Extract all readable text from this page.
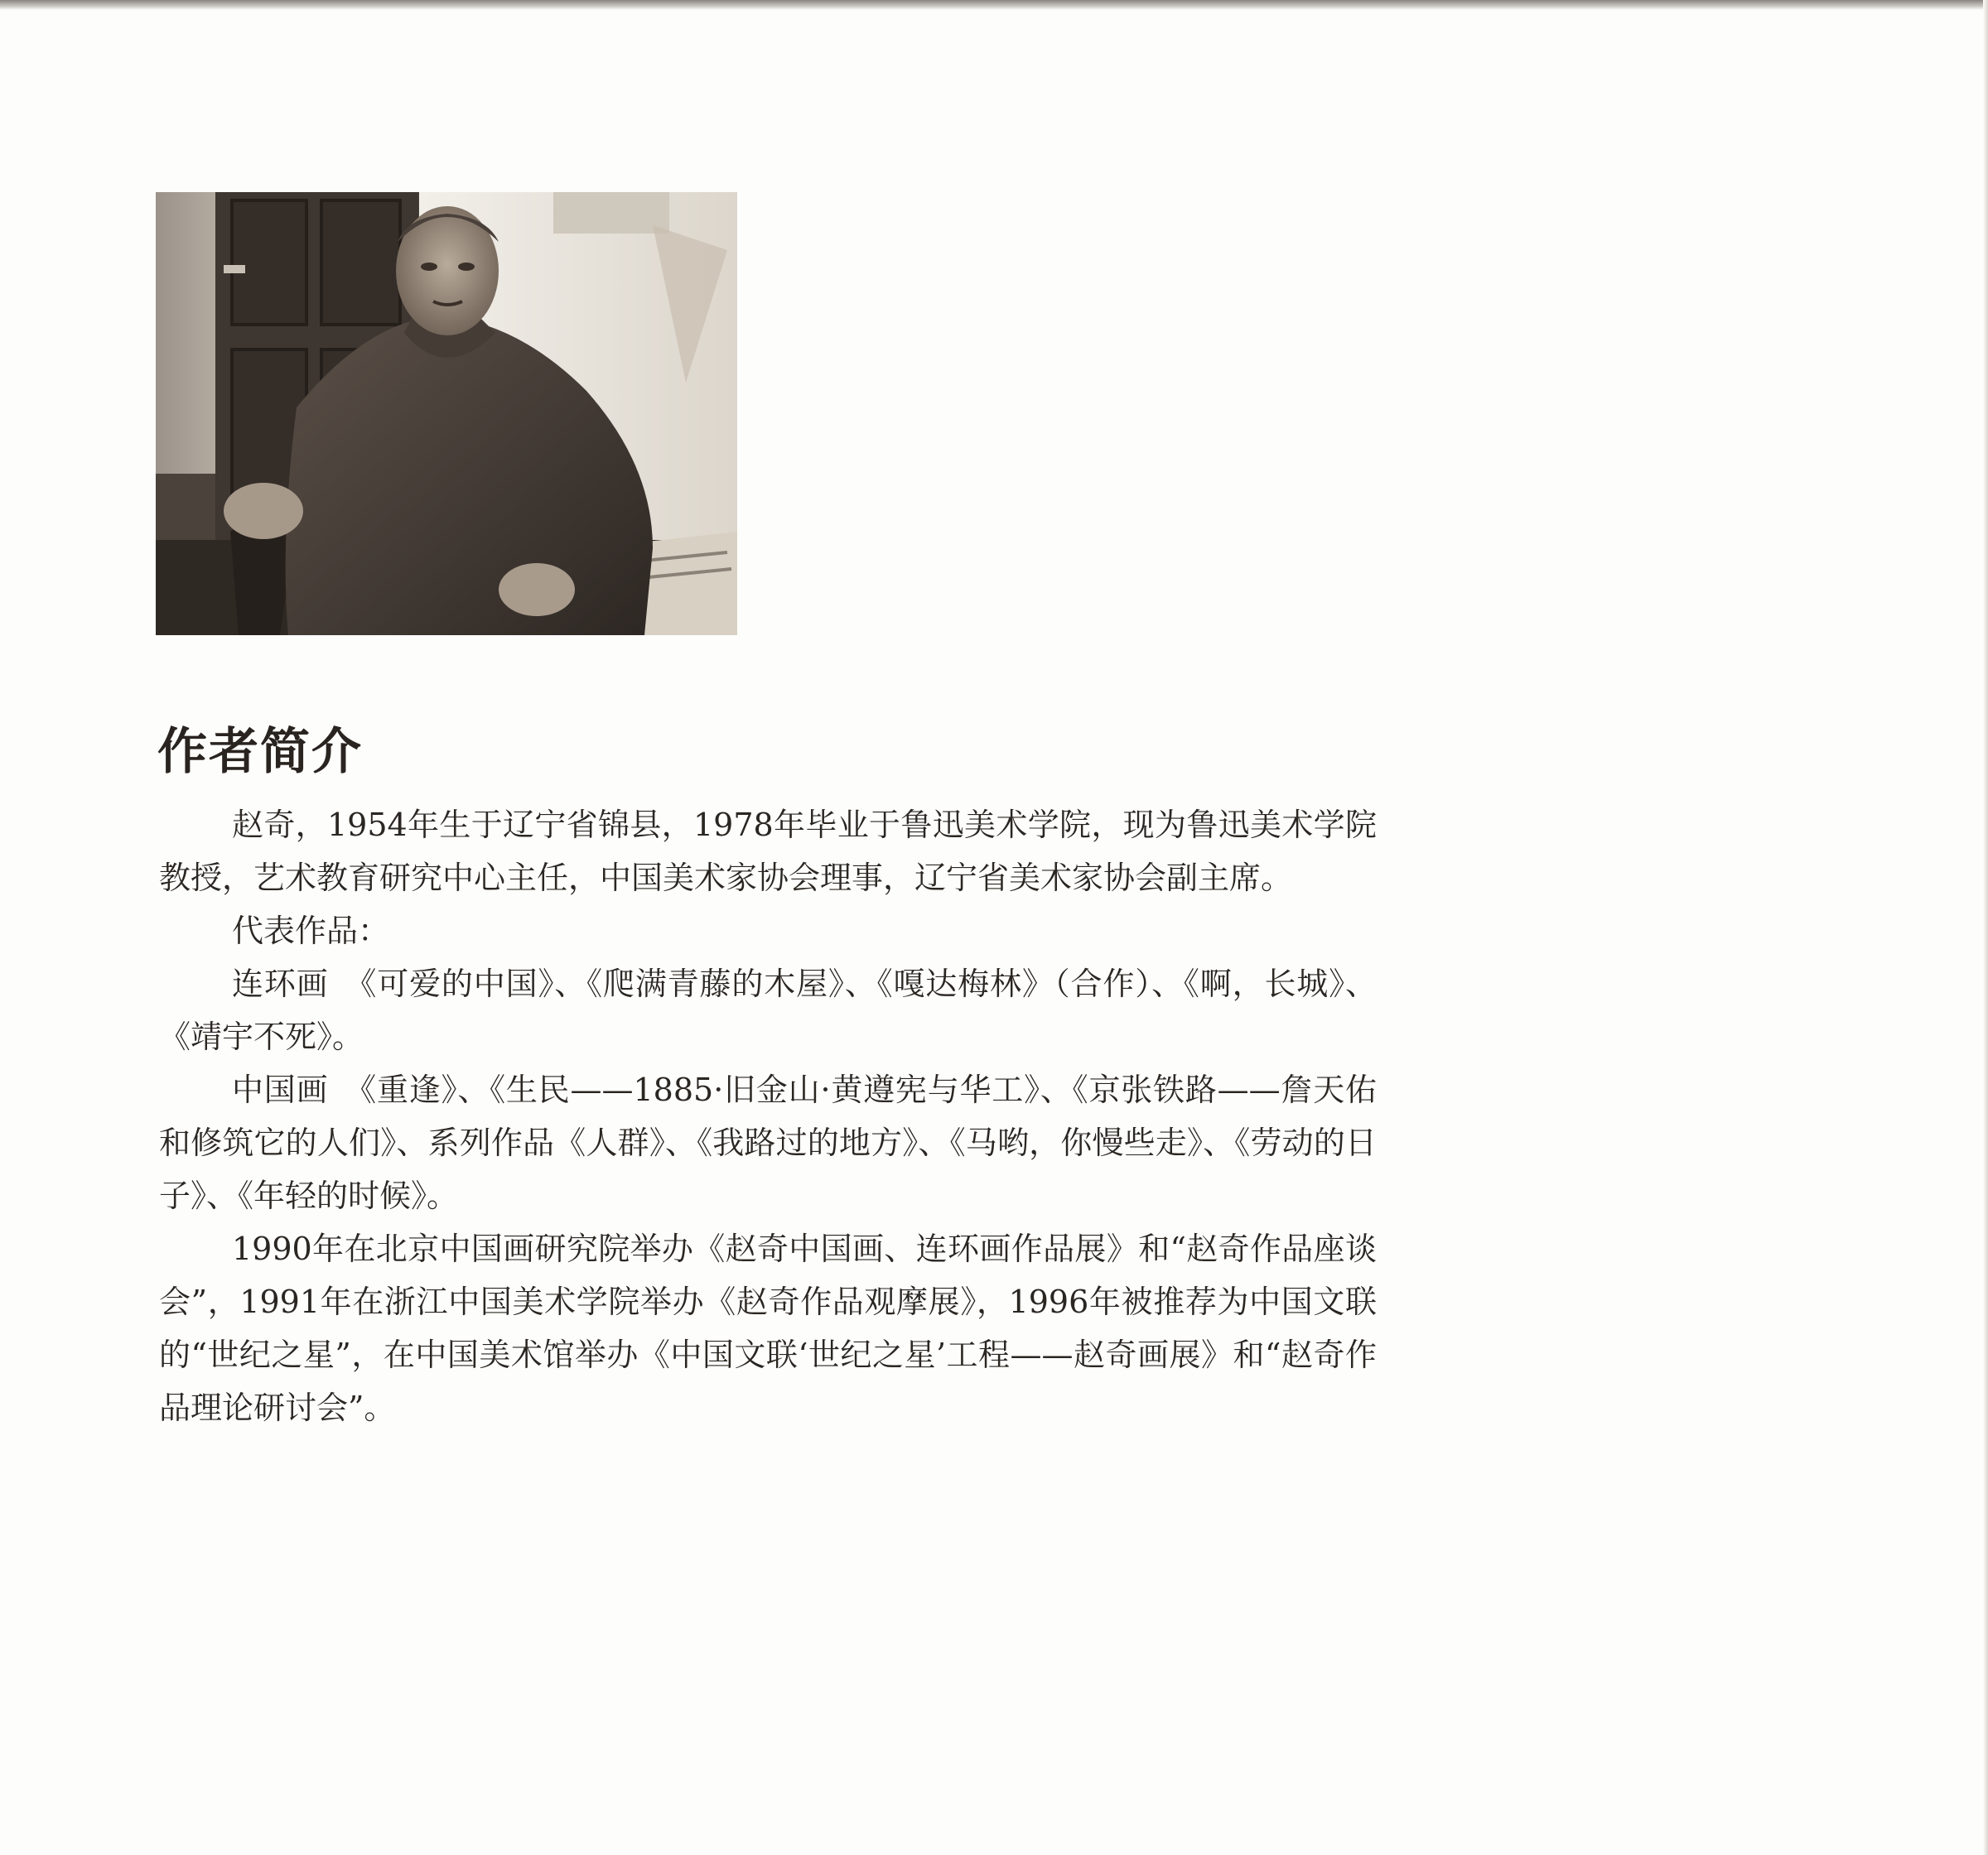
作者简介

赵奇，1954年生于辽宁省锦县，1978年毕业于鲁迅美术学院，现为鲁迅美术学院教授，艺术教育研究中心主任，中国美术家协会理事，辽宁省美术家协会副主席。

代表作品：

连环画　《可爱的中国》、《爬满青藤的木屋》、《嘎达梅林》（合作）、《啊，长城》、《靖宇不死》。

中国画　《重逢》、《生民——1885·旧金山·黄遵宪与华工》、《京张铁路——詹天佑和修筑它的人们》、系列作品《人群》、《我路过的地方》、《马哟，你慢些走》、《劳动的日子》、《年轻的时候》。

1990年在北京中国画研究院举办《赵奇中国画、连环画作品展》和“赵奇作品座谈会”，1991年在浙江中国美术学院举办《赵奇作品观摩展》，1996年被推荐为中国文联的“世纪之星”，在中国美术馆举办《中国文联‘世纪之星’工程——赵奇画展》和“赵奇作品理论研讨会”。
